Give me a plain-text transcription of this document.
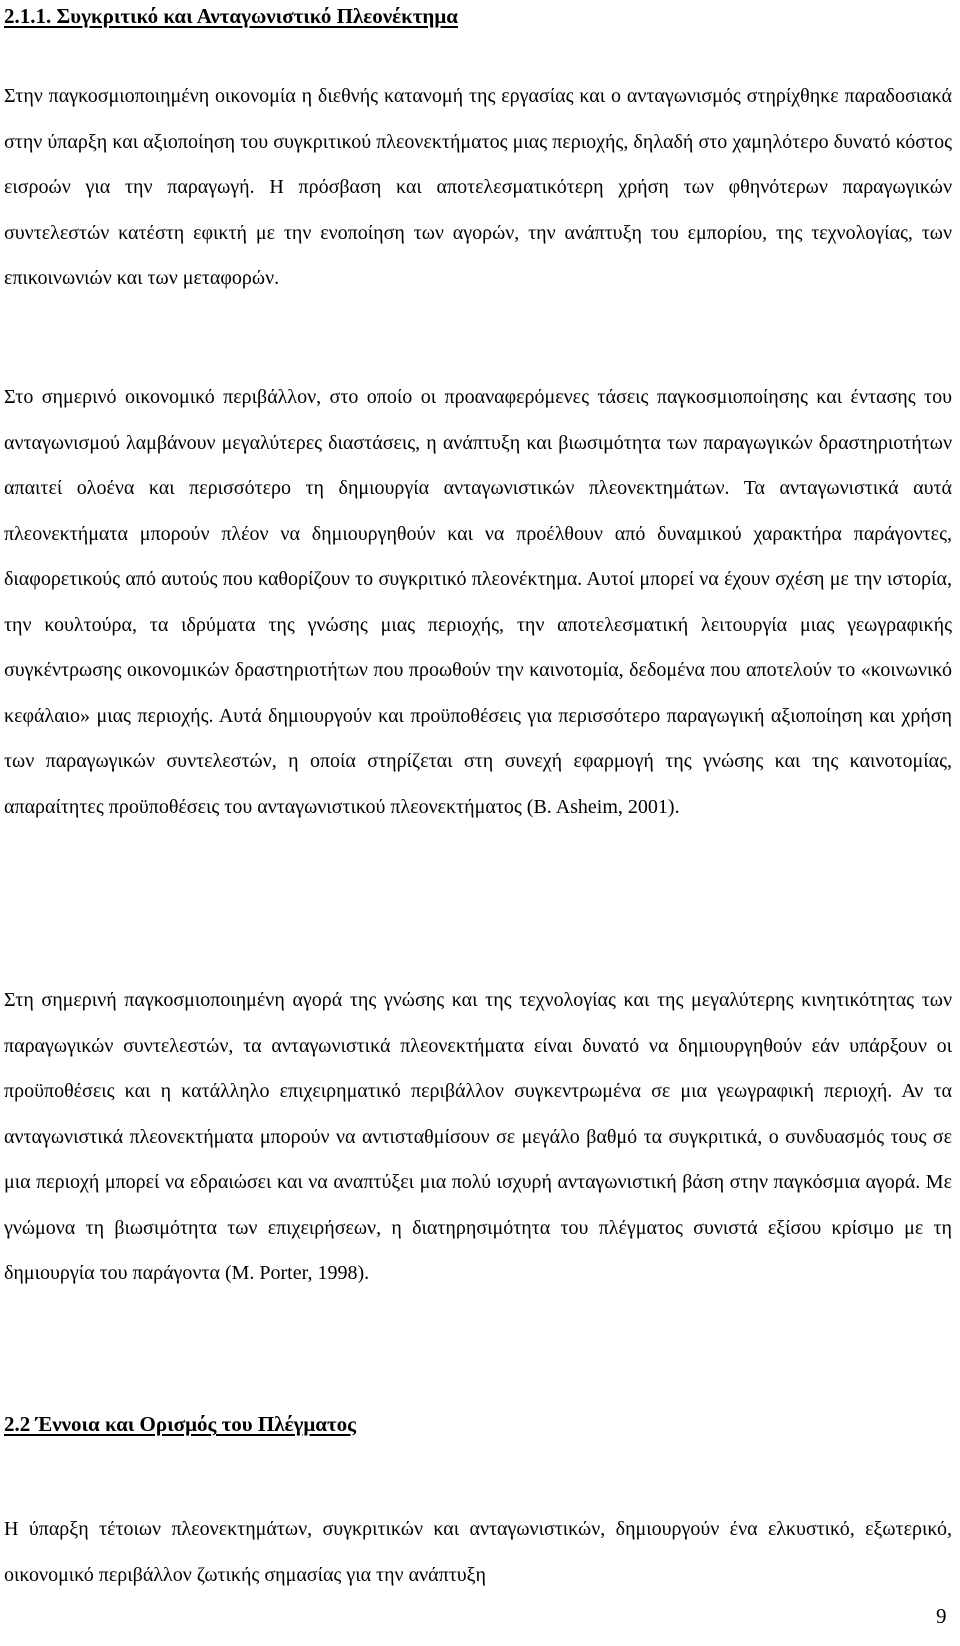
2.1.1. Συγκριτικό και Ανταγωνιστικό Πλεονέκτημα

Στην παγκοσμιοποιημένη οικονομία η διεθνής κατανομή της εργασίας και ο ανταγωνισμός στηρίχθηκε παραδοσιακά στην ύπαρξη και αξιοποίηση του συγκριτικού πλεονεκτήματος μιας περιοχής, δηλαδή στο χαμηλότερο δυνατό κόστος εισροών για την παραγωγή. Η πρόσβαση και αποτελεσματικότερη χρήση των φθηνότερων παραγωγικών συντελεστών κατέστη εφικτή με την ενοποίηση των αγορών, την ανάπτυξη του εμπορίου, της τεχνολογίας, των επικοινωνιών και των μεταφορών.

Στο σημερινό οικονομικό περιβάλλον, στο οποίο οι προαναφερόμενες τάσεις παγκοσμιοποίησης και έντασης του ανταγωνισμού λαμβάνουν μεγαλύτερες διαστάσεις, η ανάπτυξη και βιωσιμότητα των παραγωγικών δραστηριοτήτων απαιτεί ολοένα και περισσότερο τη δημιουργία ανταγωνιστικών πλεονεκτημάτων. Τα ανταγωνιστικά αυτά πλεονεκτήματα μπορούν πλέον να δημιουργηθούν και να προέλθουν από δυναμικού χαρακτήρα παράγοντες, διαφορετικούς από αυτούς που καθορίζουν το συγκριτικό πλεονέκτημα. Αυτοί μπορεί να έχουν σχέση με την ιστορία, την κουλτούρα, τα ιδρύματα της γνώσης μιας περιοχής, την αποτελεσματική λειτουργία μιας γεωγραφικής συγκέντρωσης οικονομικών δραστηριοτήτων που προωθούν την καινοτομία, δεδομένα που αποτελούν το «κοινωνικό κεφάλαιο» μιας περιοχής. Αυτά δημιουργούν και προϋποθέσεις για περισσότερο παραγωγική αξιοποίηση και χρήση των παραγωγικών συντελεστών, η οποία στηρίζεται στη συνεχή εφαρμογή της γνώσης και της καινοτομίας, απαραίτητες προϋποθέσεις του ανταγωνιστικού πλεονεκτήματος (B. Asheim, 2001).

Στη σημερινή παγκοσμιοποιημένη αγορά της γνώσης και της τεχνολογίας και της μεγαλύτερης κινητικότητας των παραγωγικών συντελεστών, τα ανταγωνιστικά πλεονεκτήματα είναι δυνατό να δημιουργηθούν εάν υπάρξουν οι προϋποθέσεις και η κατάλληλο επιχειρηματικό περιβάλλον συγκεντρωμένα σε μια γεωγραφική περιοχή. Αν τα ανταγωνιστικά πλεονεκτήματα μπορούν να αντισταθμίσουν σε μεγάλο βαθμό τα συγκριτικά, ο συνδυασμός τους σε μια περιοχή μπορεί να εδραιώσει και να αναπτύξει μια πολύ ισχυρή ανταγωνιστική βάση στην παγκόσμια αγορά. Με γνώμονα τη βιωσιμότητα των επιχειρήσεων, η διατηρησιμότητα του πλέγματος συνιστά εξίσου κρίσιμο με τη δημιουργία του παράγοντα (M. Porter, 1998).

2.2 Έννοια και Ορισμός του Πλέγματος

Η ύπαρξη τέτοιων πλεονεκτημάτων, συγκριτικών και ανταγωνιστικών, δημιουργούν ένα ελκυστικό, εξωτερικό, οικονομικό περιβάλλον ζωτικής σημασίας για την ανάπτυξη

9
